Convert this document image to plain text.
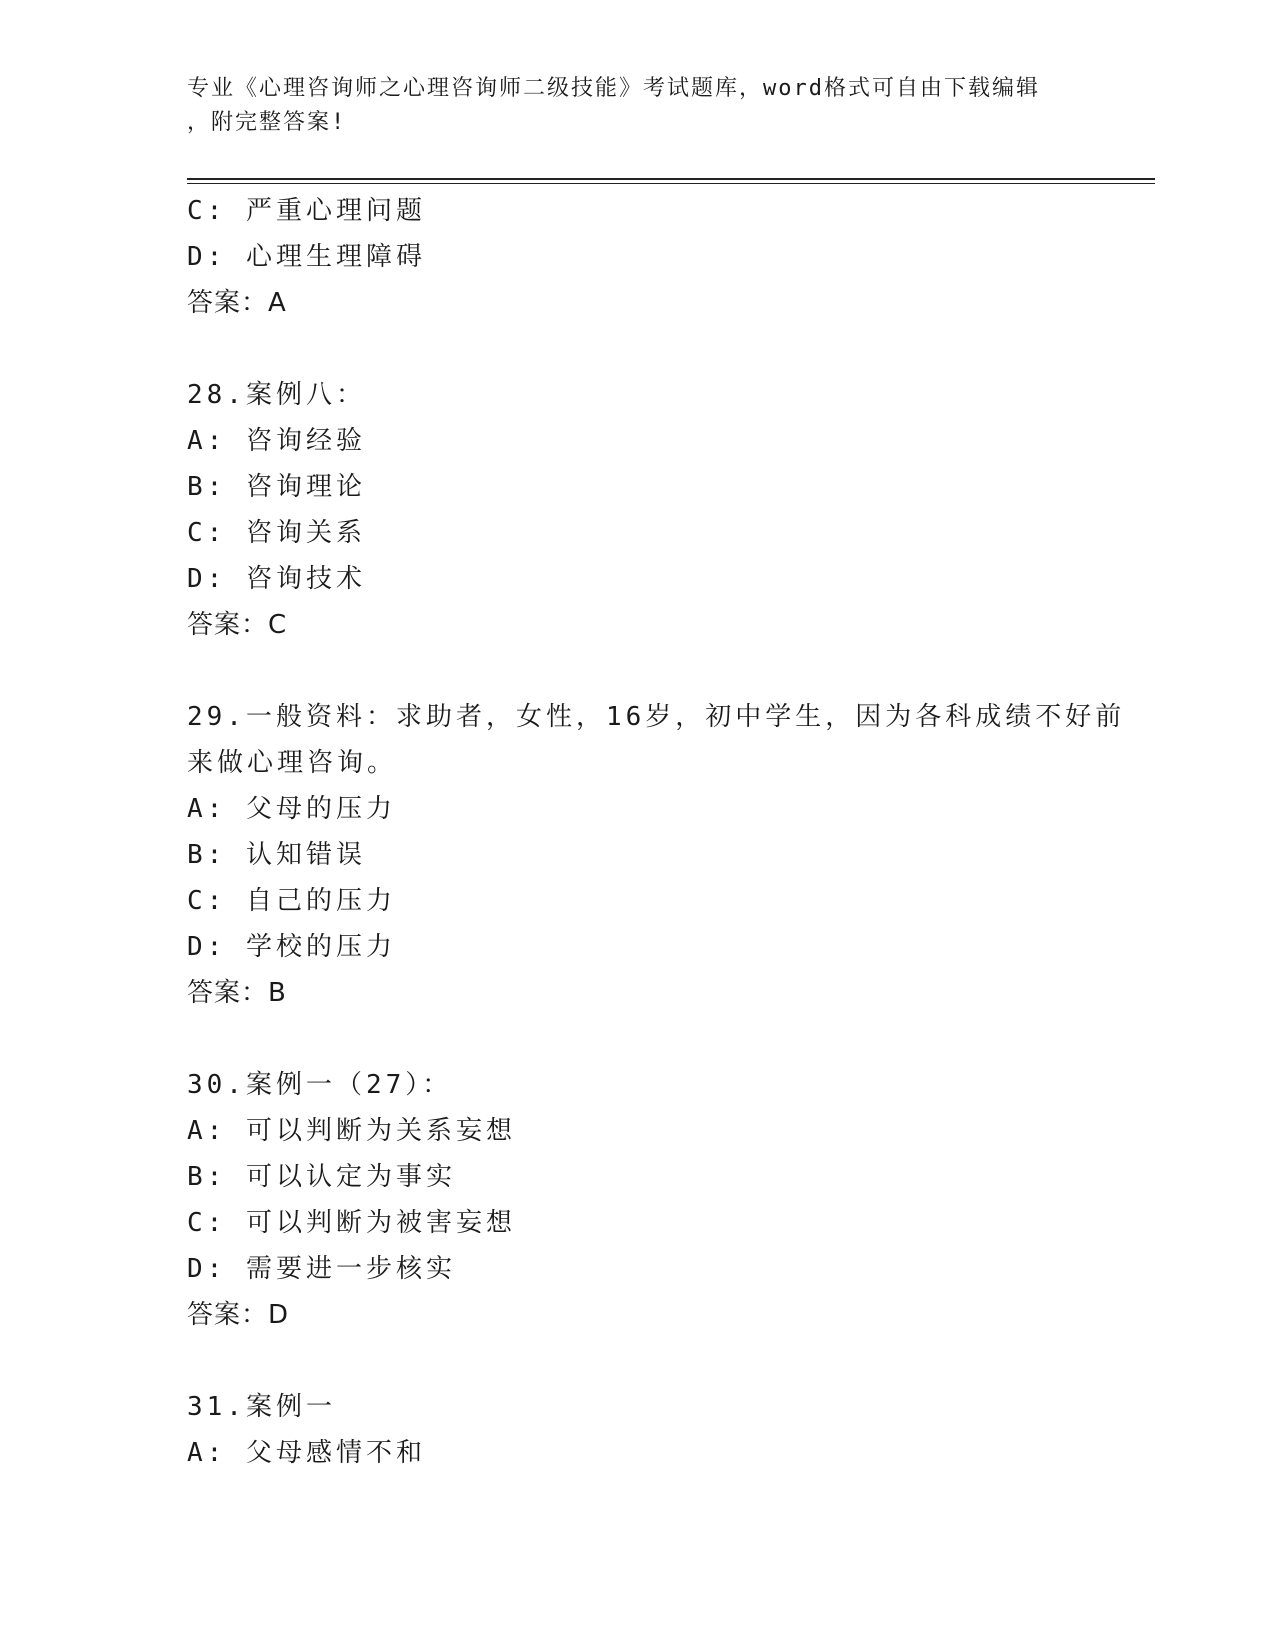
专业《心理咨询师之心理咨询师二级技能》考试题库，word格式可自由下载编辑
，附完整答案!
C: 严重心理问题
D: 心理生理障碍
答案：A
28.案例八：
A: 咨询经验
B: 咨询理论
C: 咨询关系
D: 咨询技术
答案：C
29.一般资料：求助者，女性，16岁，初中学生，因为各科成绩不好前
来做心理咨询。
A: 父母的压力
B: 认知错误
C: 自己的压力
D: 学校的压力
答案：B
30.案例一（27）：
A: 可以判断为关系妄想
B: 可以认定为事实
C: 可以判断为被害妄想
D: 需要进一步核实
答案：D
31.案例一
A: 父母感情不和
